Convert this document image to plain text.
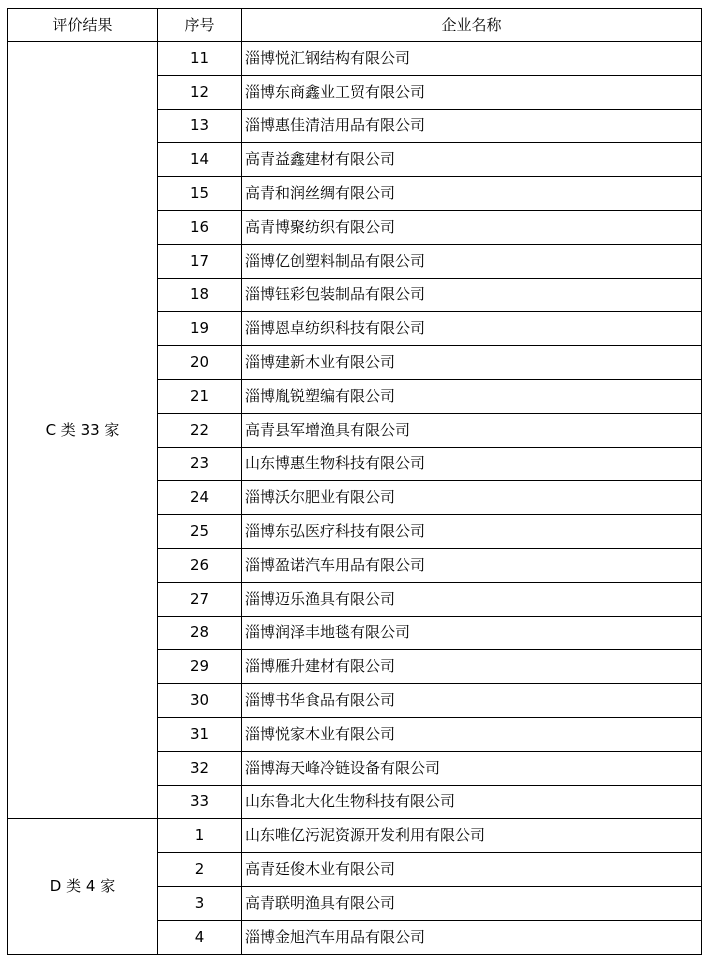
评价结果	序号	企业名称
C 类 33 家	11	淄博悦汇钢结构有限公司
	12	淄博东商鑫业工贸有限公司
	13	淄博惠佳清洁用品有限公司
	14	高青益鑫建材有限公司
	15	高青和润丝绸有限公司
	16	高青博聚纺织有限公司
	17	淄博亿创塑料制品有限公司
	18	淄博钰彩包装制品有限公司
	19	淄博恩卓纺织科技有限公司
	20	淄博建新木业有限公司
	21	淄博胤锐塑编有限公司
	22	高青县军增渔具有限公司
	23	山东博惠生物科技有限公司
	24	淄博沃尔肥业有限公司
	25	淄博东弘医疗科技有限公司
	26	淄博盈诺汽车用品有限公司
	27	淄博迈乐渔具有限公司
	28	淄博润泽丰地毯有限公司
	29	淄博雁升建材有限公司
	30	淄博书华食品有限公司
	31	淄博悦家木业有限公司
	32	淄博海天峰冷链设备有限公司
	33	山东鲁北大化生物科技有限公司
D 类 4 家	1	山东唯亿污泥资源开发利用有限公司
	2	高青廷俊木业有限公司
	3	高青联明渔具有限公司
	4	淄博金旭汽车用品有限公司
